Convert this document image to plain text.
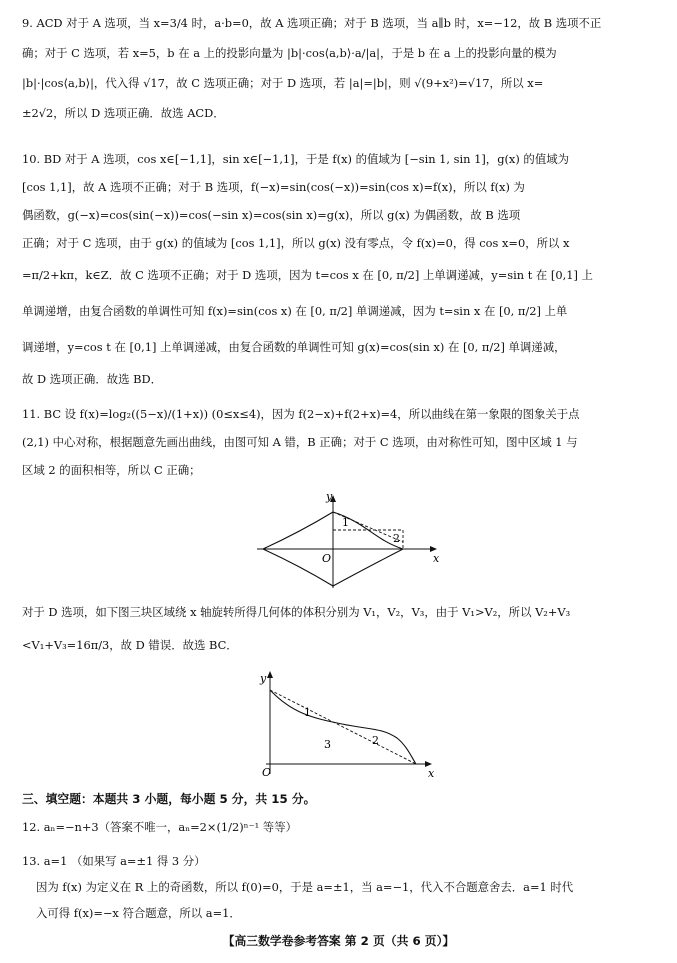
9. ACD 对于 A 选项，当 x=3/4 时，a·b=0，故 A 选项正确；对于 B 选项，当 a∥b 时，x=−12，故 B 选项不正
确；对于 C 选项，若 x=5，b 在 a 上的投影向量为 |b|·cos⟨a,b⟩·a/|a|，于是 b 在 a 上的投影向量的模为
|b|·|cos⟨a,b⟩|，代入得 √17，故 C 选项正确；对于 D 选项，若 |a|=|b|，则 √(9+x²)=√17，所以 x=
±2√2，所以 D 选项正确．故选 ACD．
10. BD 对于 A 选项，cos x∈[−1,1]，sin x∈[−1,1]，于是 f(x) 的值域为 [−sin 1, sin 1]，g(x) 的值域为
[cos 1,1]，故 A 选项不正确；对于 B 选项，f(−x)=sin(cos(−x))=sin(cos x)=f(x)，所以 f(x) 为
偶函数，g(−x)=cos(sin(−x))=cos(−sin x)=cos(sin x)=g(x)，所以 g(x) 为偶函数，故 B 选项
正确；对于 C 选项，由于 g(x) 的值域为 [cos 1,1]，所以 g(x) 没有零点，令 f(x)=0，得 cos x=0，所以 x
=π/2+kπ，k∈Z．故 C 选项不正确；对于 D 选项，因为 t=cos x 在 [0, π/2] 上单调递减，y=sin t 在 [0,1] 上
单调递增，由复合函数的单调性可知 f(x)=sin(cos x) 在 [0, π/2] 单调递减，因为 t=sin x 在 [0, π/2] 上单
调递增，y=cos t 在 [0,1] 上单调递减，由复合函数的单调性可知 g(x)=cos(sin x) 在 [0, π/2] 单调递减，
故 D 选项正确．故选 BD．
11. BC 设 f(x)=log₂((5−x)/(1+x)) (0≤x≤4)，因为 f(2−x)+f(2+x)=4，所以曲线在第一象限的图象关于点
(2,1) 中心对称，根据题意先画出曲线，由图可知 A 错，B 正确；对于 C 选项，由对称性可知，图中区域 1 与
区域 2 的面积相等，所以 C 正确；
y
x
O
1
2
对于 D 选项，如下图三块区域绕 x 轴旋转所得几何体的体积分别为 V₁，V₂，V₃，由于 V₁>V₂，所以 V₂+V₃
<V₁+V₃=16π/3，故 D 错误．故选 BC．
y
x
O
1
2
3
三、填空题：本题共 3 小题，每小题 5 分，共 15 分。
12. aₙ=−n+3（答案不唯一，aₙ=2×(1/2)ⁿ⁻¹ 等等）
13. a=1 （如果写 a=±1 得 3 分）
因为 f(x) 为定义在 R 上的奇函数，所以 f(0)=0，于是 a=±1，当 a=−1，代入不合题意舍去．a=1 时代
入可得 f(x)=−x 符合题意，所以 a=1．
【高三数学卷参考答案 第 2 页（共 6 页）】
